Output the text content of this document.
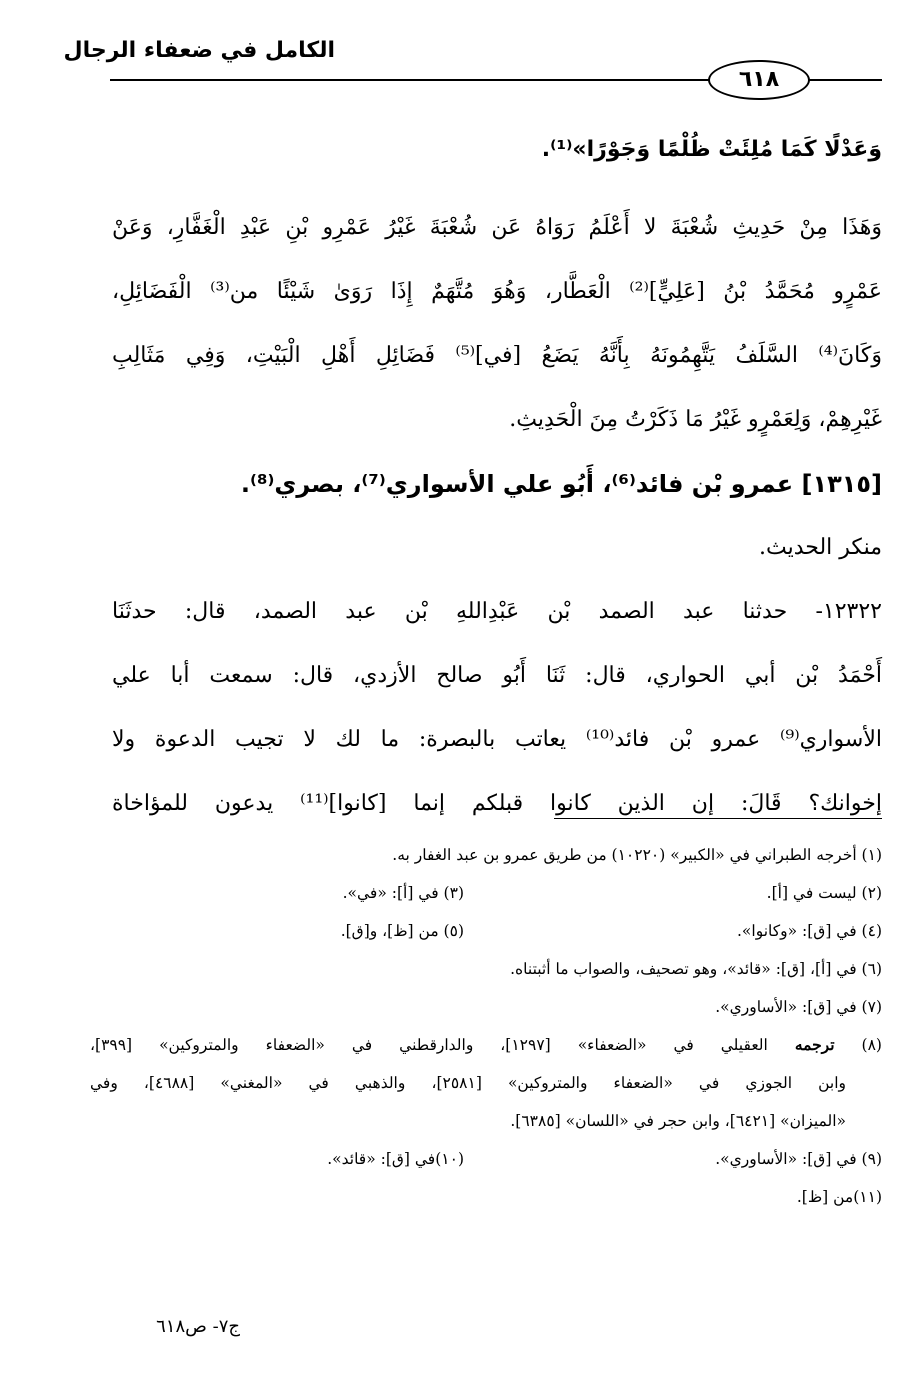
الكامل في ضعفاء الرجال
٦١٨
وَعَدْلًا كَمَا مُلِئَتْ ظُلْمًا وَجَوْرًا»⁽¹⁾.
وَهَذَا مِنْ حَدِيثِ شُعْبَةَ لا أَعْلَمُ رَوَاهُ عَن شُعْبَةَ غَيْرُ عَمْرِو بْنِ عَبْدِ الْغَفَّارِ، وَعَنْ
عَمْرٍو مُحَمَّدُ بْنُ [عَلِيٍّ]⁽²⁾ الْعَطَّار، وَهُوَ مُتَّهَمٌ إِذَا رَوَىٰ شَيْئًا من⁽³⁾ الْفَضَائِلِ،
وَكَانَ⁽⁴⁾ السَّلَفُ يَتَّهِمُونَهُ بِأَنَّهُ يَضَعُ [في]⁽⁵⁾ فَضَائِلِ أَهْلِ الْبَيْتِ، وَفِي مَثَالِبِ
غَيْرِهِمْ، وَلِعَمْرٍو غَيْرُ مَا ذَكَرْتُ مِنَ الْحَدِيثِ.
[١٣١٥] عمرو بْن فائد⁽⁶⁾، أَبُو علي الأسواري⁽⁷⁾، بصري⁽⁸⁾.
منكر الحديث.
١٢٣٢٢- حدثنا عبد الصمد بْن عَبْدِاللهِ بْن عبد الصمد، قال: حدثَنَا
أَحْمَدُ بْن أبي الحواري، قال: ثَنَا أَبُو صالح الأزدي، قال: سمعت أبا علي
الأسواري⁽⁹⁾ عمرو بْن فائد⁽¹⁰⁾ يعاتب بالبصرة: ما لك لا تجيب الدعوة ولا
إخوانك؟ قَالَ: إن الذين كانوا قبلكم إنما [كانوا]⁽¹¹⁾ يدعون للمؤاخاة
(١) أخرجه الطبراني في «الكبير» (١٠٢٢٠) من طريق عمرو بن عبد الغفار به.
(٢) ليست في [أ].
(٣) في [أ]: «في».
(٤) في [ق]: «وكانوا».
(٥) من [ظ]، و[ق].
(٦) في [أ]، [ق]: «قائد»، وهو تصحيف، والصواب ما أثبتناه.
(٧) في [ق]: «الأساوري».
(٨) ترجمه العقيلي في «الضعفاء» [١٢٩٧]، والدارقطني في «الضعفاء والمتروكين» [٣٩٩]،
وابن الجوزي في «الضعفاء والمتروكين» [٢٥٨١]، والذهبي في «المغني» [٤٦٨٨]، وفي
«الميزان» [٦٤٢١]، وابن حجر في «اللسان» [٦٣٨٥].
(٩) في [ق]: «الأساوري».
(١٠)في [ق]: «قائد».
(١١)من [ظ].
ج٧- ص٦١٨
